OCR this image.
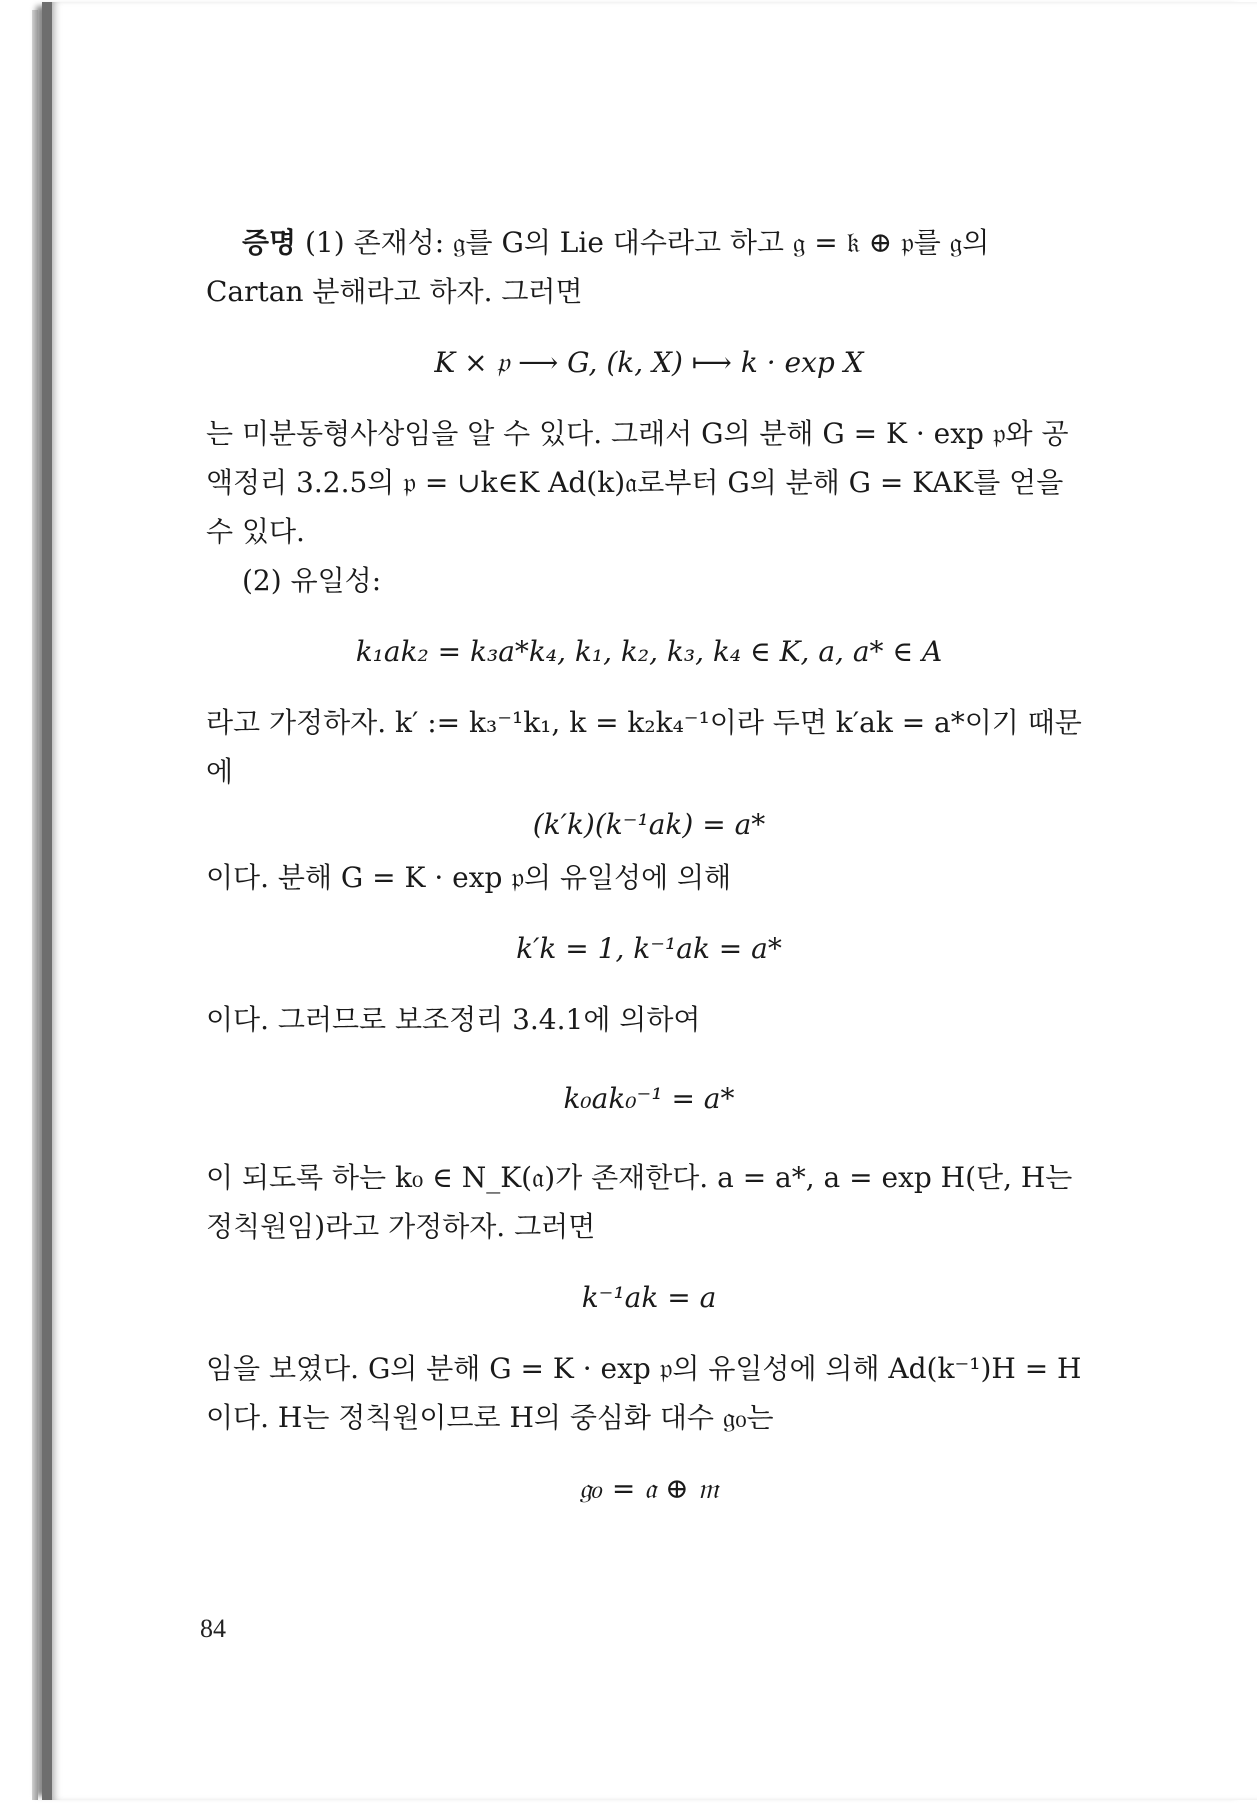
증명 (1) 존재성: 𝔤를 G의 Lie 대수라고 하고 𝔤 = 𝔨 ⊕ 𝔭를 𝔤의 Cartan 분해라고 하자. 그러면

K × 𝔭 ⟶ G, (k, X) ⟼ k · exp X

는 미분동형사상임을 알 수 있다. 그래서 G의 분해 G = K · exp 𝔭와 공액정리 3.2.5의 𝔭 = ∪k∈K Ad(k)𝔞로부터 G의 분해 G = KAK를 얻을 수 있다.

(2) 유일성:

k₁ak₂ = k₃a*k₄, k₁, k₂, k₃, k₄ ∈ K, a, a* ∈ A

라고 가정하자. k′ := k₃⁻¹k₁, k = k₂k₄⁻¹이라 두면 k′ak = a*이기 때문에

(k′k)(k⁻¹ak) = a*

이다. 분해 G = K · exp 𝔭의 유일성에 의해

k′k = 1, k⁻¹ak = a*

이다. 그러므로 보조정리 3.4.1에 의하여

k₀ak₀⁻¹ = a*

이 되도록 하는 k₀ ∈ N_K(𝔞)가 존재한다. a = a*, a = exp H(단, H는 정칙원임)라고 가정하자. 그러면

k⁻¹ak = a

임을 보였다. G의 분해 G = K · exp 𝔭의 유일성에 의해 Ad(k⁻¹)H = H이다. H는 정칙원이므로 H의 중심화 대수 𝔤₀는

𝔤₀ = 𝔞 ⊕ 𝔪

84
